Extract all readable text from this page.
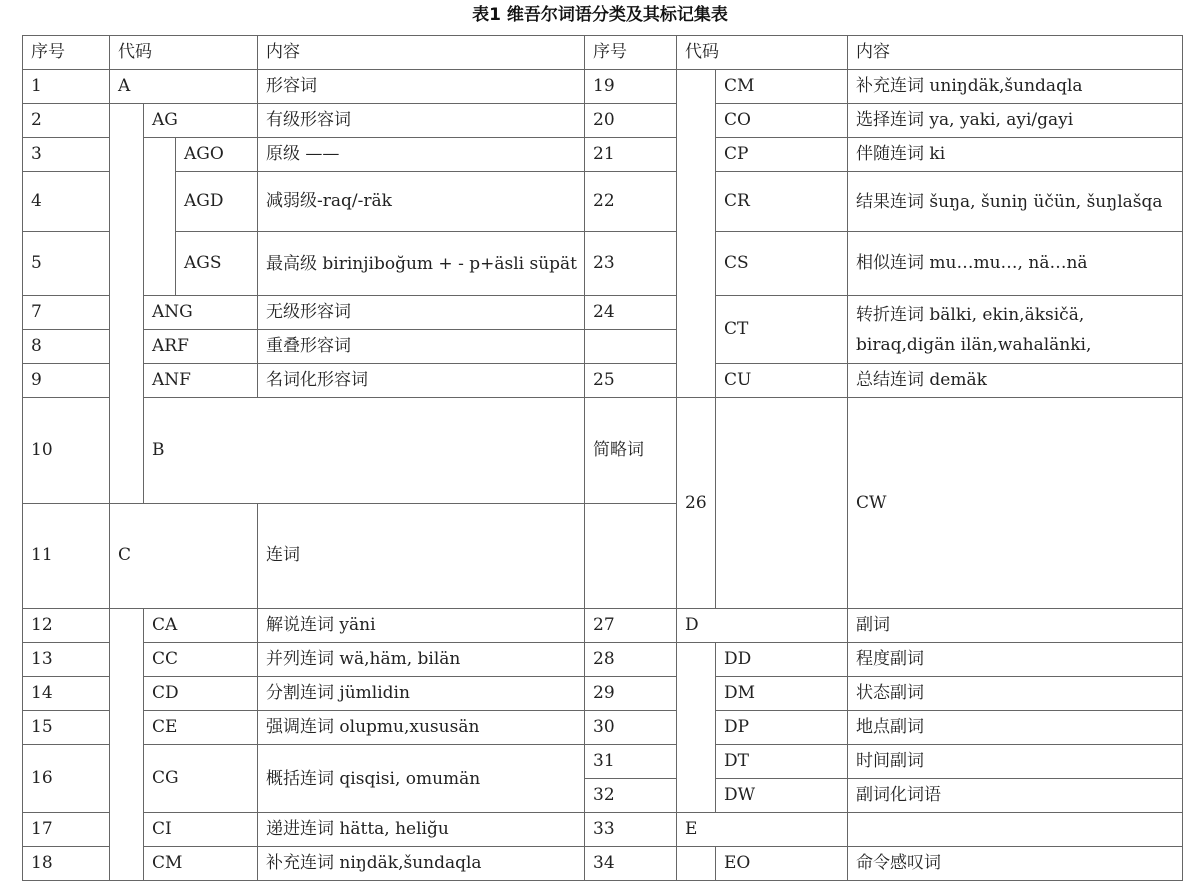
表1 维吾尔词语分类及其标记集表
序号	代码			内容	序号	代码		内容	
1	A			形容词	19		CM	补充连词 uniŋdäk,šundaqla	
2		AG		有级形容词	20		CO	选择连词 ya, yaki, ayi/gayi	
3			AGO	原级 ——	21		CP	伴随连词 ki	
4			AGD	减弱级-raq/-räk	22		CR	结果连词 šuŋa, šuniŋ üčün, šuŋlašqa	
5			AGS	最高级 birinjiboğum + - p+äsli süpät	23		CS	相似连词 mu…mu…, nä…nä	
7		ANG		无级形容词	24		CT	转折连词 bälki, ekin,äksičä, biraq,digän ilän,wahalänki,	
8		ARF		重叠形容词					
9		ANF		名词化形容词	25		CU	总结连词 demäk	
10		B			简略词	26		CW	
11	C			连词					
12		CA		解说连词 yäni	27	D		副词	
13		CC		并列连词 wä,häm, bilän	28		DD	程度副词	
14		CD		分割连词 jümlidin	29		DM	状态副词	
15		CE		强调连词 olupmu,xususän	30		DP	地点副词	
16		CG		概括连词 qisqisi, omumän	31		DT	时间副词	
					32		DW	副词化词语	
17		CI		递进连词 hätta, heliğu	33	E			
18		CM		补充连词 niŋdäk,šundaqla	34		EO	命令感叹词	
